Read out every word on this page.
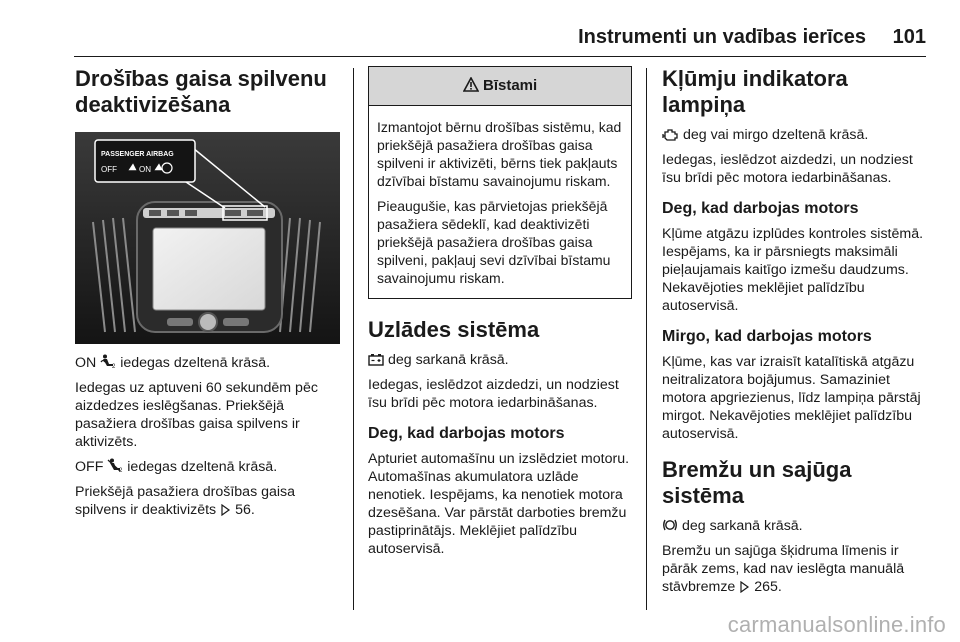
Instrumenti un vadības ierīces 101
Drošības gaisa spilvenu deaktivizēšana
PASSENGER AIRBAG
OFF	ON

ON	2 iedegas dzeltenā krāsā.

Iedegas uz aptuveni 60 sekundēm pēc aizdedzes ieslēgšanas. Priekšējā pasažiera drošības gaisa spilvens ir aktivizēts.

OFF	2 iedegas dzeltenā krāsā.

Priekšējā pasažiera drošības gaisa spilvens ir deaktivizēts 56.

Bīstami

Izmantojot bērnu drošības sistēmu, kad priekšējā pasažiera drošības gaisa spilveni ir aktivizēti, bērns tiek pakļauts dzīvībai bīstamu savainojumu riskam.

Pieaugušie, kas pārvietojas priekšējā pasažiera sēdeklī, kad deaktivizēti priekšējā pasažiera drošības gaisa spilveni, pakļauj sevi dzīvībai bīstamu savainojumu riskam.

Uzlādes sistēma

deg sarkanā krāsā.

Iedegas, ieslēdzot aizdedzi, un nodziest īsu brīdi pēc motora iedarbināšanas.

Deg, kad darbojas motors

Apturiet automašīnu un izslēdziet motoru. Automašīnas akumulatora uzlāde nenotiek. Iespējams, ka nenotiek motora dzesēšana. Var pārstāt darboties bremžu pastiprinātājs. Meklējiet palīdzību autoservisā.

Kļūmju indikatora lampiņa

deg vai mirgo dzeltenā krāsā.

Iedegas, ieslēdzot aizdedzi, un nodziest īsu brīdi pēc motora iedarbināšanas.

Deg, kad darbojas motors

Kļūme atgāzu izplūdes kontroles sistēmā. Iespējams, ka ir pārsniegts maksimāli pieļaujamais kaitīgo izmešu daudzums. Nekavējoties meklējiet palīdzību autoservisā.

Mirgo, kad darbojas motors

Kļūme, kas var izraisīt katalītiskā atgāzu neitralizatora bojājumus. Samaziniet motora apgriezienus, līdz lampiņa pārstāj mirgot. Nekavējoties meklējiet palīdzību autoservisā.

Bremžu un sajūga sistēma

deg sarkanā krāsā.

Bremžu un sajūga šķidruma līmenis ir pārāk zems, kad nav ieslēgta manuālā stāvbremze 265.

carmanualsonline.info
